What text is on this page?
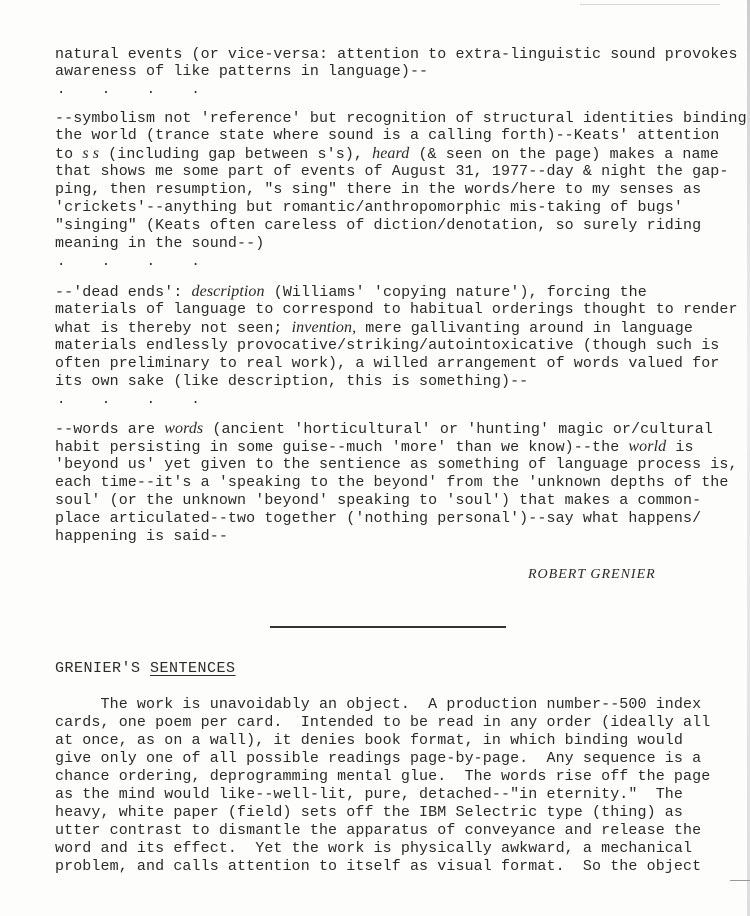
natural events (or vice-versa: attention to extra-linguistic sound provokes
awareness of like patterns in language)--
. . . .
--symbolism not 'reference' but recognition of structural identities binding
the world (trance state where sound is a calling forth)--Keats' attention
to s s (including gap between s's), heard (& seen on the page) makes a name
that shows me some part of events of August 31, 1977--day & night the gap-
ping, then resumption, "s sing" there in the words/here to my senses as
'crickets'--anything but romantic/anthropomorphic mis-taking of bugs'
"singing" (Keats often careless of diction/denotation, so surely riding
meaning in the sound--)
. . . .
--'dead ends': description (Williams' 'copying nature'), forcing the
materials of language to correspond to habitual orderings thought to render
what is thereby not seen; invention, mere gallivanting around in language
materials endlessly provocative/striking/autointoxicative (though such is
often preliminary to real work), a willed arrangement of words valued for
its own sake (like description, this is something)--
. . . .
--words are words (ancient 'horticultural' or 'hunting' magic or/cultural
habit persisting in some guise--much 'more' than we know)--the world is
'beyond us' yet given to the sentience as something of language process is,
each time--it's a 'speaking to the beyond' from the 'unknown depths of the
soul' (or the unknown 'beyond' speaking to 'soul') that makes a common-
place articulated--two together ('nothing personal')--say what happens/
happening is said--
ROBERT GRENIER
GRENIER'S SENTENCES
The work is unavoidably an object.  A production number--500 index
cards, one poem per card.  Intended to be read in any order (ideally all
at once, as on a wall), it denies book format, in which binding would
give only one of all possible readings page-by-page.  Any sequence is a
chance ordering, deprogramming mental glue.  The words rise off the page
as the mind would like--well-lit, pure, detached--"in eternity."  The
heavy, white paper (field) sets off the IBM Selectric type (thing) as
utter contrast to dismantle the apparatus of conveyance and release the
word and its effect.  Yet the work is physically awkward, a mechanical
problem, and calls attention to itself as visual format.  So the object
